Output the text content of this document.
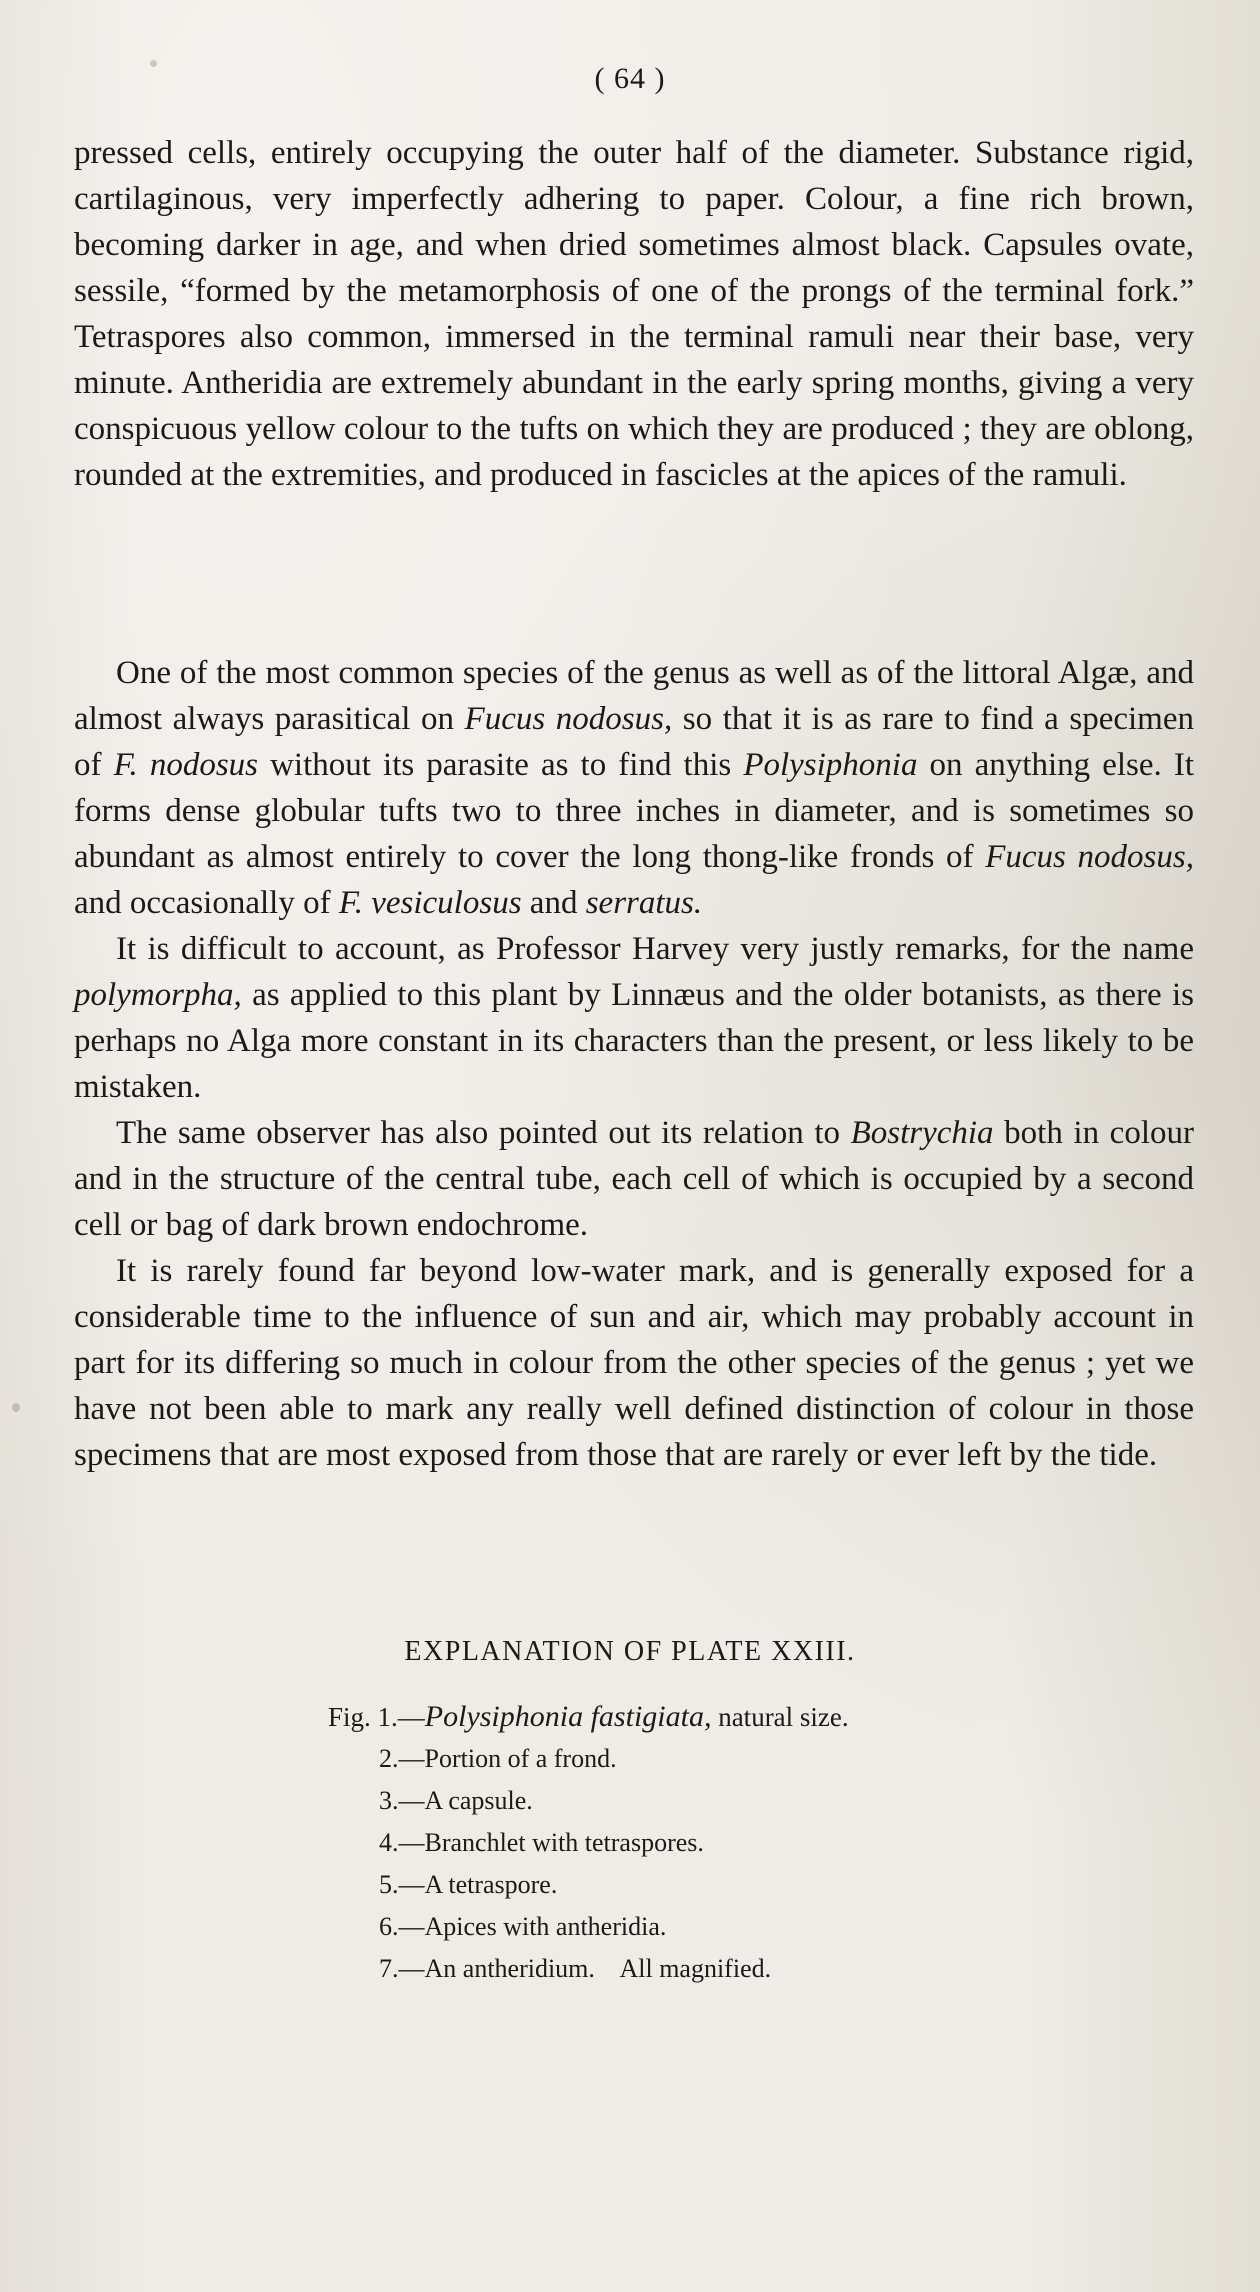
( 64 )

pressed cells, entirely occupying the outer half of the diameter. Substance rigid, cartilaginous, very imperfectly adhering to paper. Colour, a fine rich brown, becoming darker in age, and when dried sometimes almost black. Capsules ovate, sessile, “formed by the metamorphosis of one of the prongs of the terminal fork.” Tetraspores also common, immersed in the terminal ramuli near their base, very minute. Antheridia are extremely abundant in the early spring months, giving a very conspicuous yellow colour to the tufts on which they are produced ; they are oblong, rounded at the extremities, and produced in fascicles at the apices of the ramuli.

One of the most common species of the genus as well as of the littoral Algæ, and almost always parasitical on Fucus nodosus, so that it is as rare to find a specimen of F. nodosus without its parasite as to find this Polysiphonia on anything else. It forms dense globular tufts two to three inches in diameter, and is sometimes so abundant as almost entirely to cover the long thong-like fronds of Fucus nodosus, and occasionally of F. vesiculosus and serratus.

It is difficult to account, as Professor Harvey very justly remarks, for the name polymorpha, as applied to this plant by Linnæus and the older botanists, as there is perhaps no Alga more constant in its characters than the present, or less likely to be mistaken.

The same observer has also pointed out its relation to Bostrychia both in colour and in the structure of the central tube, each cell of which is occupied by a second cell or bag of dark brown endochrome.

It is rarely found far beyond low-water mark, and is generally exposed for a considerable time to the influence of sun and air, which may probably account in part for its differing so much in colour from the other species of the genus ; yet we have not been able to mark any really well defined distinction of colour in those specimens that are most exposed from those that are rarely or ever left by the tide.

EXPLANATION OF PLATE XXIII.
Fig. 1.—Polysiphonia fastigiata, natural size.
2.—Portion of a frond.
3.—A capsule.
4.—Branchlet with tetraspores.
5.—A tetraspore.
6.—Apices with antheridia.
7.—An antheridium.    All magnified.
